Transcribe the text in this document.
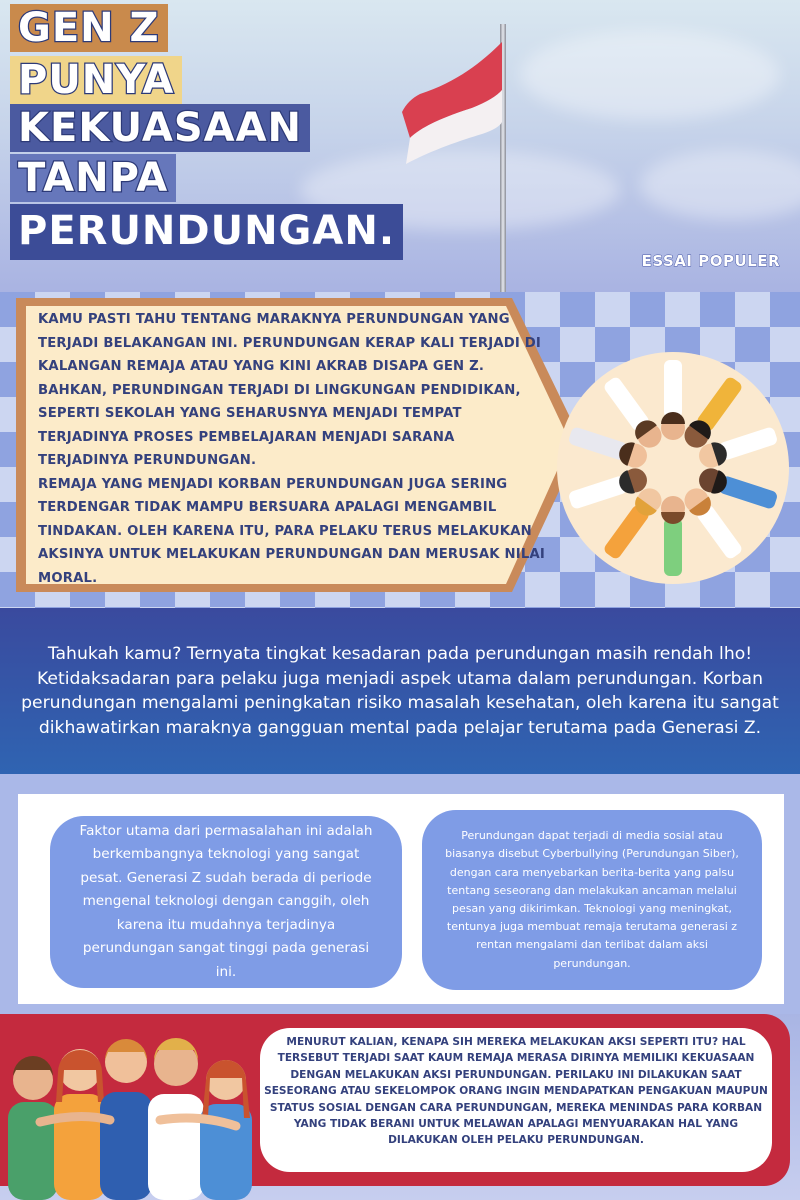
GEN Z
PUNYA
KEKUASAAN
TANPA
PERUNDUNGAN.
ESSAI POPULER

KAMU PASTI TAHU TENTANG MARAKNYA PERUNDUNGAN YANG TERJADI BELAKANGAN INI. PERUNDUNGAN KERAP KALI TERJADI DI KALANGAN REMAJA ATAU YANG KINI AKRAB DISAPA GEN Z. BAHKAN, PERUNDINGAN TERJADI DI LINGKUNGAN PENDIDIKAN, SEPERTI SEKOLAH YANG SEHARUSNYA MENJADI TEMPAT TERJADINYA PROSES PEMBELAJARAN MENJADI SARANA TERJADINYA PERUNDUNGAN.

REMAJA YANG MENJADI KORBAN PERUNDUNGAN JUGA SERING TERDENGAR TIDAK MAMPU BERSUARA APALAGI MENGAMBIL TINDAKAN. OLEH KARENA ITU, PARA PELAKU TERUS MELAKUKAN AKSINYA UNTUK MELAKUKAN PERUNDUNGAN DAN MERUSAK NILAI MORAL.

Tahukah kamu? Ternyata tingkat kesadaran pada perundungan masih rendah lho! Ketidaksadaran para pelaku juga menjadi aspek utama dalam perundungan. Korban perundungan mengalami peningkatan risiko masalah kesehatan, oleh karena itu sangat dikhawatirkan maraknya gangguan mental pada pelajar terutama pada Generasi Z.

Faktor utama dari permasalahan ini adalah berkembangnya teknologi yang sangat pesat. Generasi Z sudah berada di periode mengenal teknologi dengan canggih, oleh karena itu mudahnya terjadinya perundungan sangat tinggi pada generasi ini.
Perundungan dapat terjadi di media sosial atau biasanya disebut Cyberbullying (Perundungan Siber), dengan cara menyebarkan berita-berita yang palsu tentang seseorang dan melakukan ancaman melalui pesan yang dikirimkan. Teknologi yang meningkat, tentunya juga membuat remaja terutama generasi z rentan mengalami dan terlibat dalam aksi perundungan.
MENURUT KALIAN, KENAPA SIH MEREKA MELAKUKAN AKSI SEPERTI ITU? HAL TERSEBUT TERJADI SAAT KAUM REMAJA MERASA DIRINYA MEMILIKI KEKUASAAN DENGAN MELAKUKAN AKSI PERUNDUNGAN. PERILAKU INI DILAKUKAN SAAT SESEORANG ATAU SEKELOMPOK ORANG INGIN MENDAPATKAN PENGAKUAN MAUPUN STATUS SOSIAL DENGAN CARA PERUNDUNGAN, MEREKA MENINDAS PARA KORBAN YANG TIDAK BERANI UNTUK MELAWAN APALAGI MENYUARAKAN HAL YANG DILAKUKAN OLEH PELAKU PERUNDUNGAN.
